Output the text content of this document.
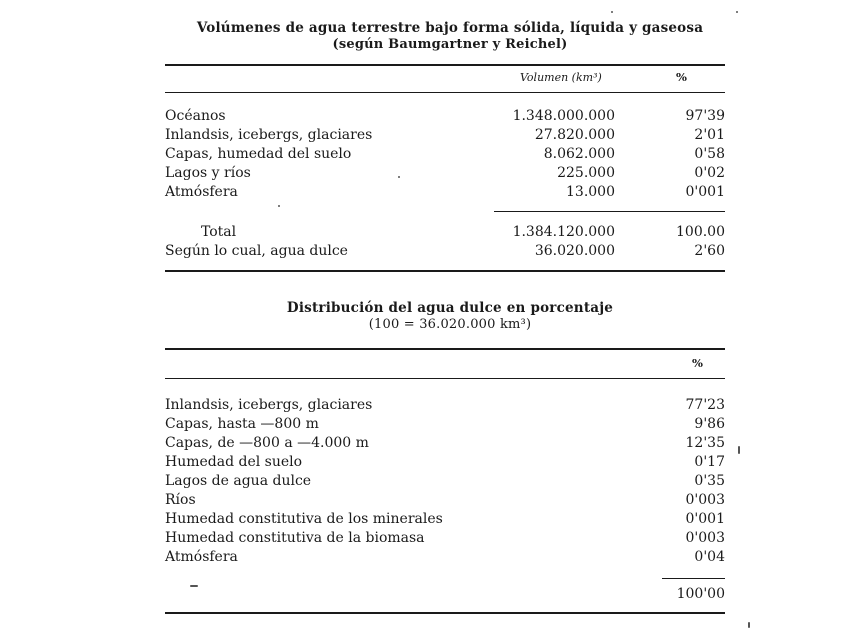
Volúmenes de agua terrestre bajo forma sólida, líquida y gaseosa
(según Baumgartner y Reichel)
Volumen (km³)	%
Océanos	1.348.000.000	97'39
Inlandsis, icebergs, glaciares	27.820.000	2'01
Capas, humedad del suelo	8.062.000	0'58
Lagos y ríos	225.000	0'02
Atmósfera	13.000	0'001
Total	1.384.120.000	100.00
Según lo cual, agua dulce	36.020.000	2'60
Distribución del agua dulce en porcentaje
(100 = 36.020.000 km³)
%
Inlandsis, icebergs, glaciares	77'23
Capas, hasta —800 m	9'86
Capas, de —800 a —4.000 m	12'35
Humedad del suelo	0'17
Lagos de agua dulce	0'35
Ríos	0'003
Humedad constitutiva de los minerales	0'001
Humedad constitutiva de la biomasa	0'003
Atmósfera	0'04
100'00
